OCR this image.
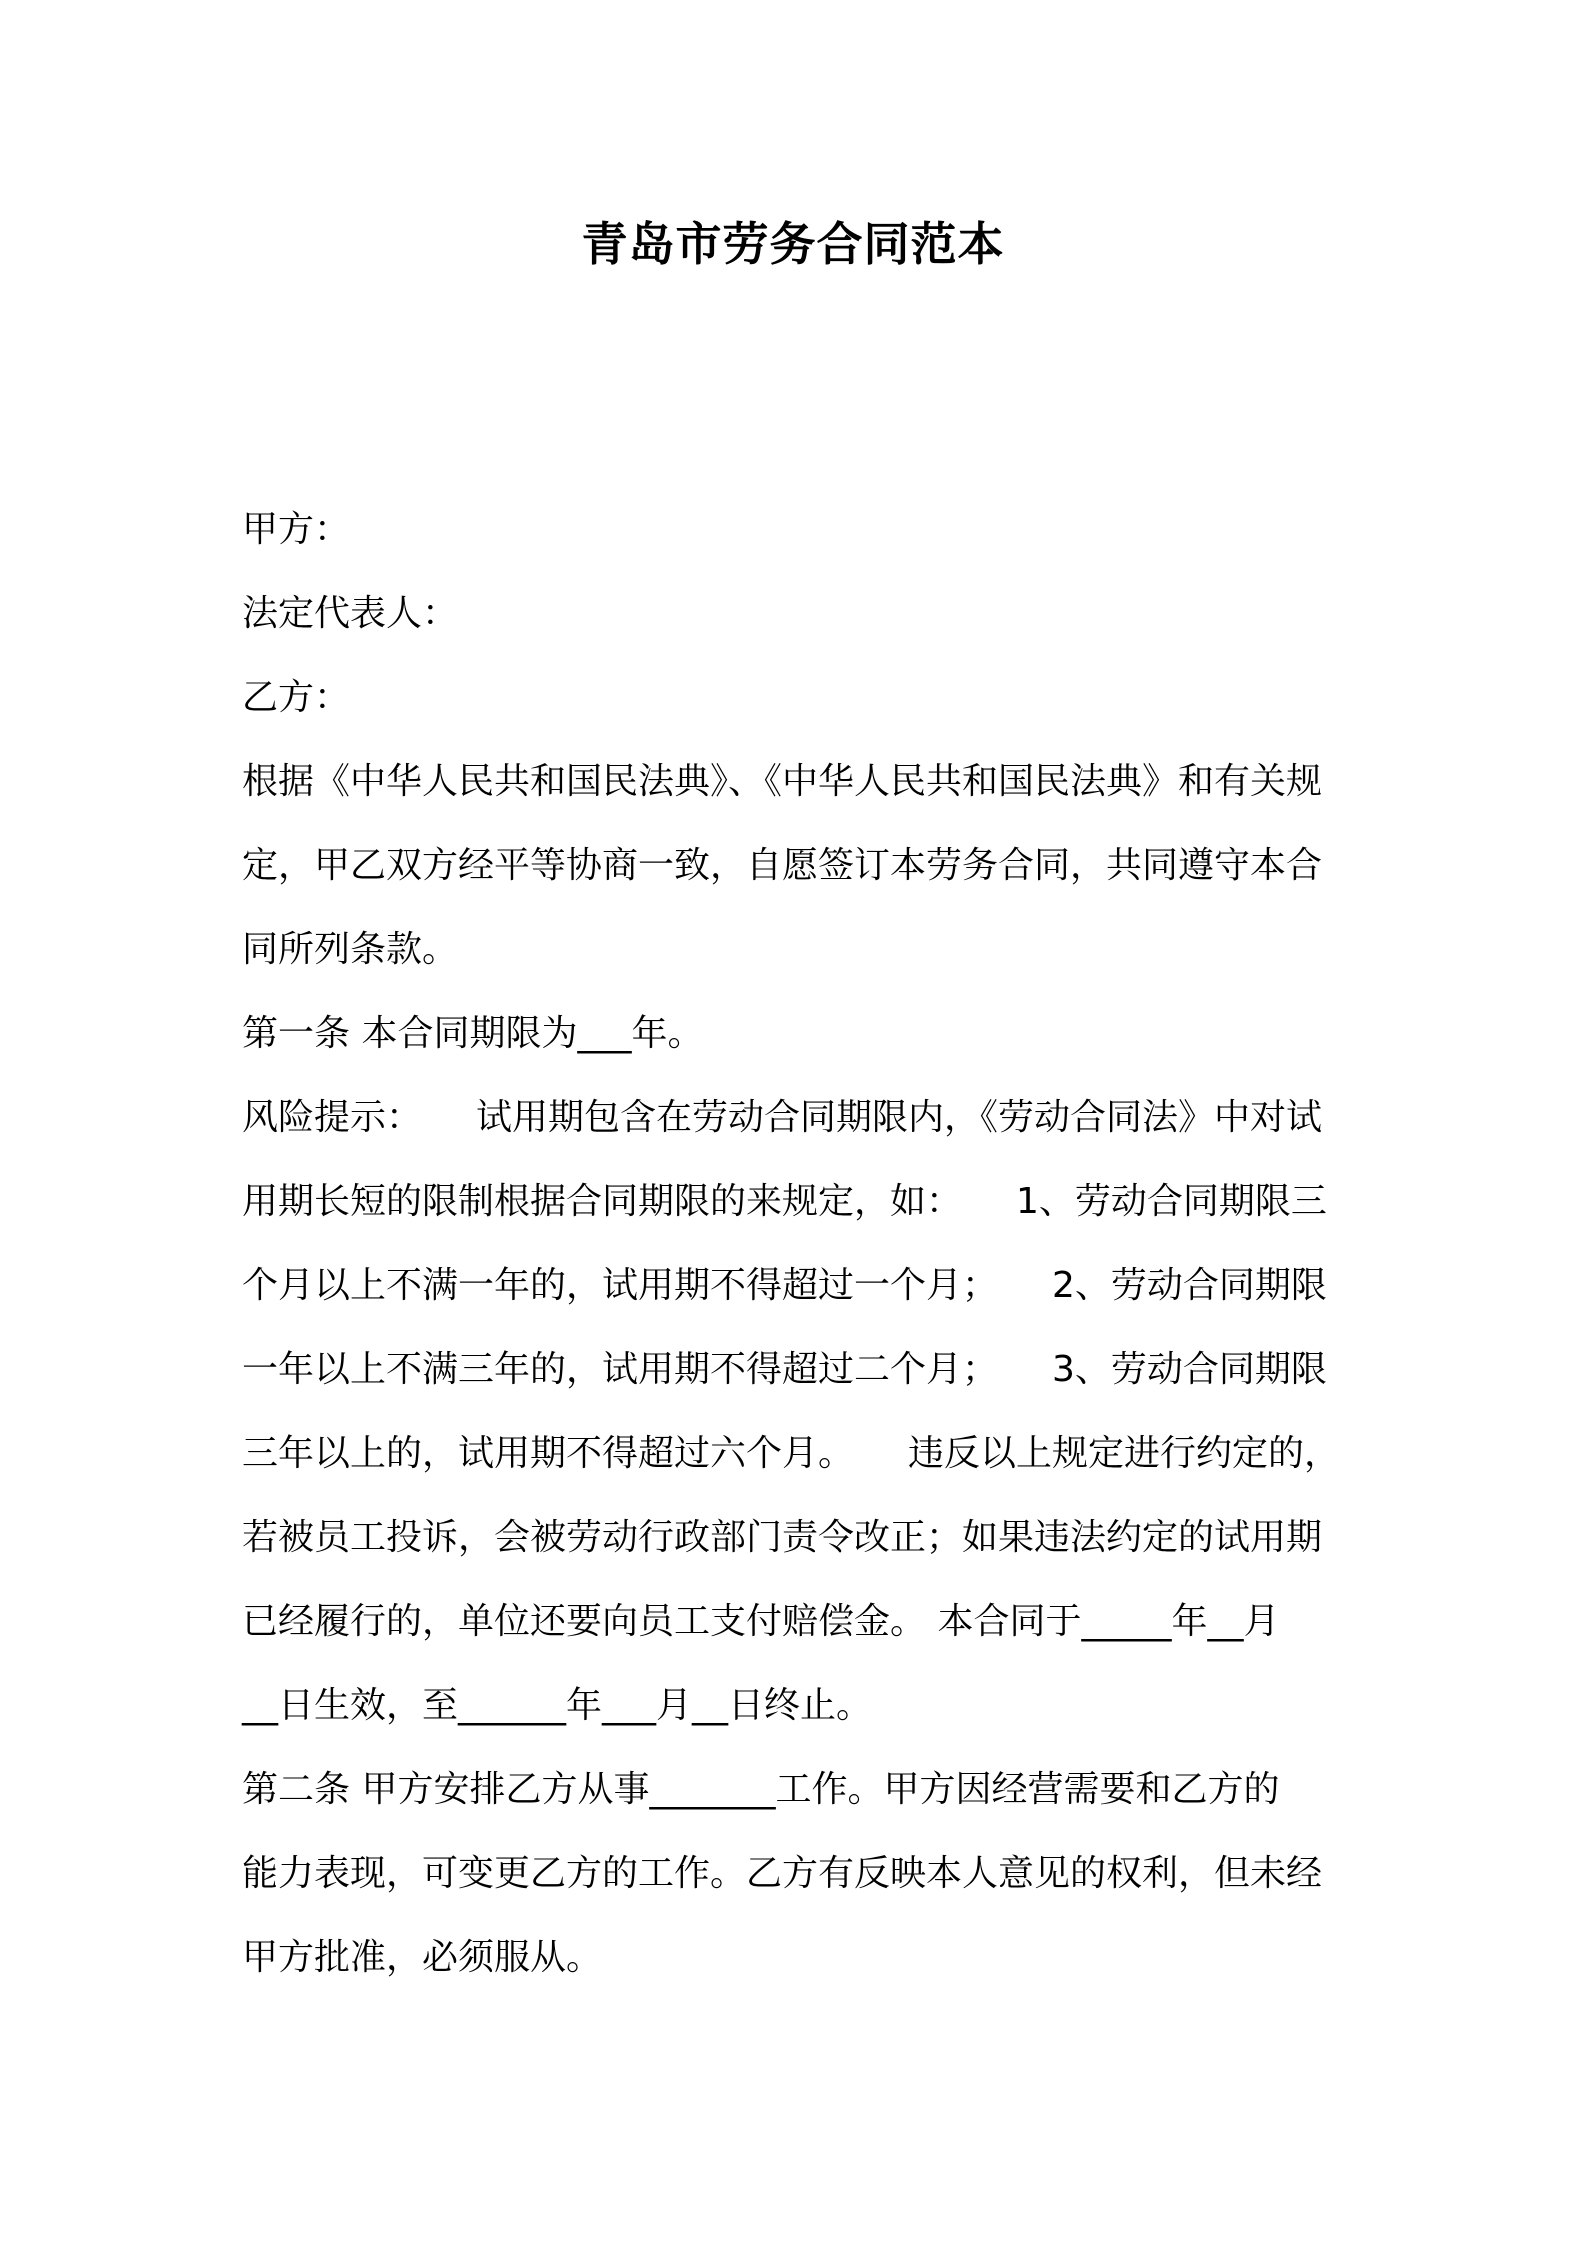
青岛市劳务合同范本

甲方：

法定代表人：

乙方：

根据《中华人民共和国民法典》、《中华人民共和国民法典》和有关规

定，甲乙双方经平等协商一致，自愿签订本劳务合同，共同遵守本合

同所列条款。

第一条 本合同期限为___年。

风险提示：　　试用期包含在劳动合同期限内，《劳动合同法》中对试

用期长短的限制根据合同期限的来规定，如：　　1、劳动合同期限三

个月以上不满一年的，试用期不得超过一个月；　　2、劳动合同期限

一年以上不满三年的，试用期不得超过二个月；　　3、劳动合同期限

三年以上的，试用期不得超过六个月。　　违反以上规定进行约定的，

若被员工投诉，会被劳动行政部门责令改正；如果违法约定的试用期

已经履行的，单位还要向员工支付赔偿金。 本合同于_____年__月

__日生效，至______年___月__日终止。

第二条 甲方安排乙方从事_______工作。甲方因经营需要和乙方的

能力表现，可变更乙方的工作。乙方有反映本人意见的权利，但未经

甲方批准，必须服从。
